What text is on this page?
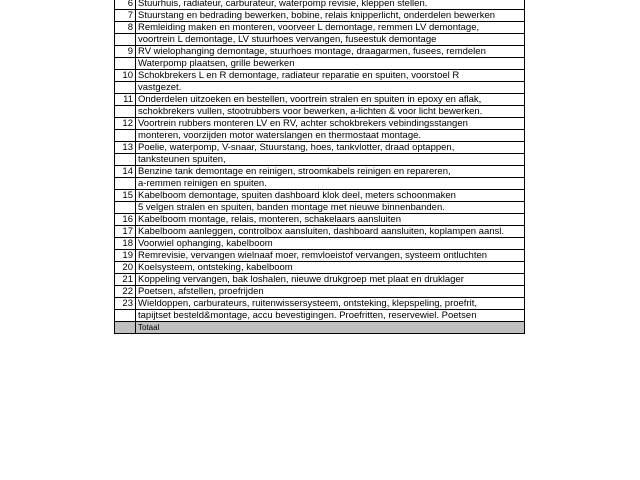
6	Stuurhuis, radiateur, carburateur, waterpomp revisie, kleppen stellen.
7	Stuurstang en bedrading bewerken, bobine, relais knipperlicht, onderdelen bewerken
8	Remleiding maken en monteren, voorveer L demontage, remmen LV demontage,
	voortrein L demontage, LV stuurhoes vervangen, fuseestuk demontage
9	RV wielophanging demontage, stuurhoes montage, draagarmen, fusees, remdelen
	Waterpomp plaatsen, grille bewerken
10	Schokbrekers L en R demontage, radiateur reparatie en spuiten, voorstoel R
	vastgezet.
11	Onderdelen uitzoeken en bestellen, voortrein stralen en spuiten in epoxy en aflak,
	schokbrekers vullen, stootrubbers voor bewerken, a-lichten & voor licht bewerken.
12	Voortrein rubbers monteren LV en RV, achter schokbrekers vebindingsstangen
	monteren, voorzijden motor waterslangen en thermostaat montage.
13	Poelie, waterpomp, V-snaar, Stuurstang, hoes, tankvlotter, draad optappen,
	tanksteunen spuiten,
14	Benzine tank demontage en reinigen, stroomkabels reinigen en repareren,
	a-remmen reinigen en spuiten.
15	Kabelboom demontage, spuiten dashboard klok deel, meters schoonmaken
	5 velgen stralen en spuiten, banden montage met nieuwe binnenbanden.
16	Kabelboom montage, relais, monteren, schakelaars aansluiten
17	Kabelboom aanleggen, controlbox aansluiten, dashboard aansluiten, koplampen aansl.
18	Voorwiel ophanging, kabelboom
19	Remrevisie, vervangen wielnaaf moer, remvloeistof vervangen, systeem ontluchten
20	Koelsysteem, ontsteking, kabelboom
21	Koppeling vervangen, bak loshalen, nieuwe drukgroep met plaat en druklager
22	Poetsen, afstellen, proefrijden
23	Wieldoppen, carburateurs, ruitenwissersysteem, ontsteking, klepspeling, proefrit,
	tapijtset besteld&montage, accu bevestigingen. Proefritten, reservewiel. Poetsen
	Totaal
